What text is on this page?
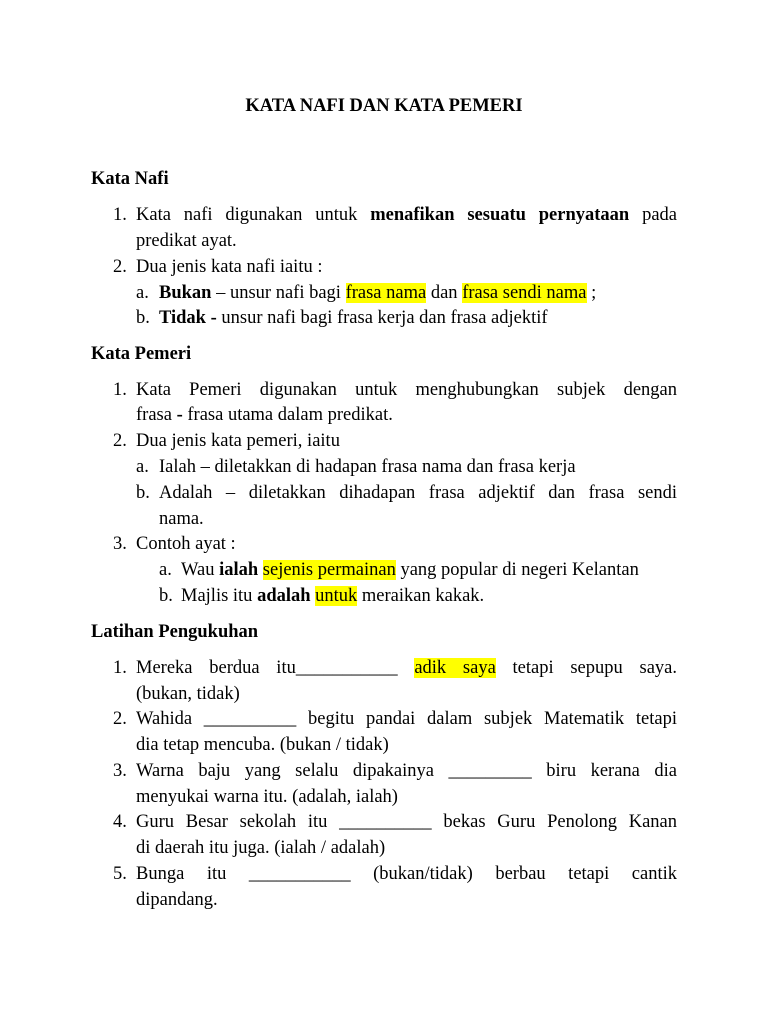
KATA NAFI DAN KATA PEMERI
Kata Nafi
1. Kata nafi digunakan untuk menafikan sesuatu pernyataan pada
predikat ayat.
2. Dua jenis kata nafi iaitu :
a. Bukan – unsur nafi bagi frasa nama dan frasa sendi nama ;
b. Tidak - unsur nafi bagi frasa kerja dan frasa adjektif
Kata Pemeri
1. Kata Pemeri digunakan untuk menghubungkan subjek dengan
frasa - frasa utama dalam predikat.
2. Dua jenis kata pemeri, iaitu
a. Ialah – diletakkan di hadapan frasa nama dan frasa kerja
b. Adalah – diletakkan dihadapan frasa adjektif dan frasa sendi
nama.
3. Contoh ayat :
a. Wau ialah sejenis permainan yang popular di negeri Kelantan
b. Majlis itu adalah untuk meraikan kakak.
Latihan Pengukuhan
1. Mereka berdua itu___________ adik saya tetapi sepupu saya.
(bukan, tidak)
2. Wahida __________ begitu pandai dalam subjek Matematik tetapi
dia tetap mencuba. (bukan / tidak)
3. Warna baju yang selalu dipakainya _________ biru kerana dia
menyukai warna itu. (adalah, ialah)
4. Guru Besar sekolah itu __________ bekas Guru Penolong Kanan
di daerah itu juga. (ialah / adalah)
5. Bunga itu ___________ (bukan/tidak) berbau tetapi cantik
dipandang.
